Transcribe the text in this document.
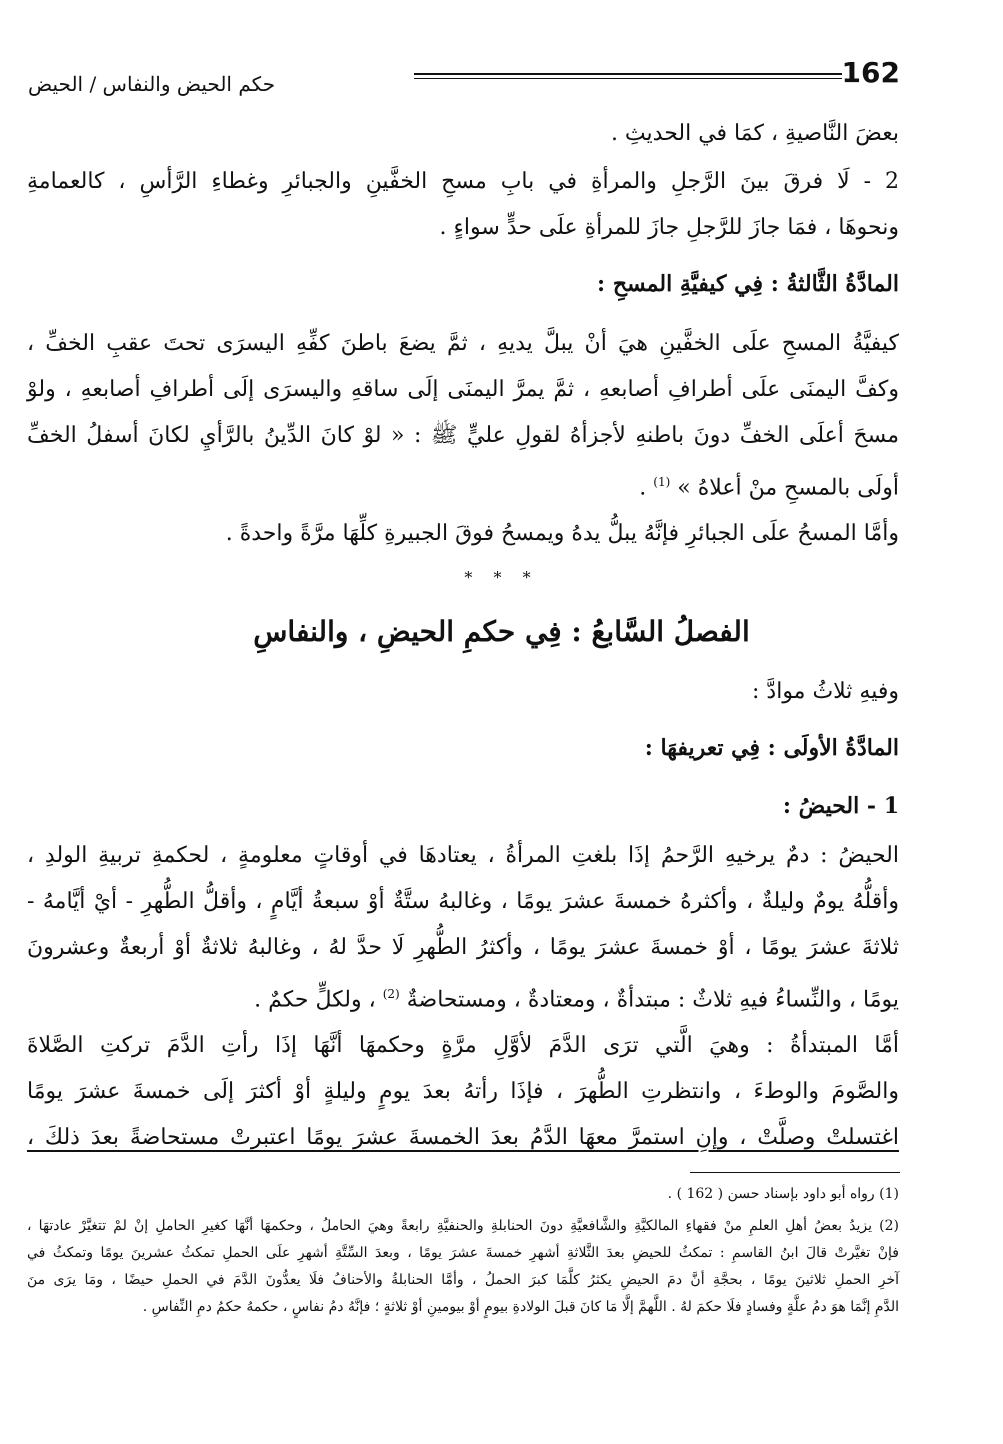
162
حكم الحيض والنفاس / الحيض
بعضَ النَّاصيةِ ، كمَا في الحديثِ .
2 - لَا فرقَ بينَ الرَّجلِ والمرأةِ في بابِ مسحِ الخفَّينِ والجبائرِ وغطاءِ الرَّأسِ ، كالعمامةِ
ونحوهَا ، فمَا جازَ للرَّجلِ جازَ للمرأةِ علَى حدٍّ سواءٍ .
المادَّةُ الثَّالثةُ : فِي كيفيَّةِ المسحِ :
كيفيَّةُ المسحِ علَى الخفَّينِ هيَ أنْ يبلَّ يديهِ ، ثمَّ يضعَ باطنَ كفِّهِ اليسرَى تحتَ عقبِ الخفِّ ،
وكفَّ اليمنَى علَى أطرافِ أصابعهِ ، ثمَّ يمرَّ اليمنَى إلَى ساقهِ واليسرَى إلَى أطرافِ أصابعهِ ، ولوْ
مسحَ أعلَى الخفِّ دونَ باطنهِ لأجزأهُ لقولِ عليٍّ ﷺ : « لوْ كانَ الدِّينُ بالرَّأيِ لكانَ أسفلُ الخفِّ
أولَى بالمسحِ منْ أعلاهُ » $^{(1)}$ .
وأمَّا المسحُ علَى الجبائرِ فإنَّهُ يبلُّ يدهُ ويمسحُ فوقَ الجبيرةِ كلِّهَا مرَّةً واحدةً .
* * *
الفصلُ السَّابعُ : فِي حكمِ الحيضِ ، والنفاسِ
وفيهِ ثلاثُ موادَّ :
المادَّةُ الأولَى : فِي تعريفهَا :
1 - الحيضُ :
الحيضُ : دمٌ يرخيهِ الرَّحمُ إذَا بلغتِ المرأةُ ، يعتادهَا في أوقاتٍ معلومةٍ ، لحكمةِ تربيةِ الولدِ ،
وأقلُّهُ يومٌ وليلةٌ ، وأكثرهُ خمسةَ عشرَ يومًا ، وغالبهُ ستَّةٌ أوْ سبعةُ أيَّامٍ ، وأقلُّ الطُّهرِ - أيْ أيَّامهُ -
ثلاثةَ عشرَ يومًا ، أوْ خمسةَ عشرَ يومًا ، وأكثرُ الطُّهرِ لَا حدَّ لهُ ، وغالبهُ ثلاثةٌ أوْ أربعةٌ وعشرونَ
يومًا ، والنِّساءُ فيهِ ثلاثٌ : مبتدأةٌ ، ومعتادةٌ ، ومستحاضةٌ $^{(2)}$ ، ولكلٍّ حكمٌ .
أمَّا المبتدأةُ : وهيَ الَّتي ترَى الدَّمَ لأوَّلِ مرَّةٍ وحكمهَا أنَّهَا إذَا رأتِ الدَّمَ تركتِ الصَّلاةَ
والصَّومَ والوطءَ ، وانتظرتِ الطُّهرَ ، فإذَا رأتهُ بعدَ يومٍ وليلةٍ أوْ أكثرَ إلَى خمسةَ عشرَ يومًا
اغتسلتْ وصلَّتْ ، وإنِ استمرَّ معهَا الدَّمُ بعدَ الخمسةَ عشرَ يومًا اعتبرتْ مستحاضةً بعدَ ذلكَ ،
(1) رواه أبو داود بإسناد حسن ( 162 ) .
(2) يزيدُ بعضُ أهلِ العلمِ منْ فقهاءِ المالكيَّةِ والشَّافعيَّةِ دونَ الحنابلةِ والحنفيَّةِ رابعةً وهيَ الحاملُ ، وحكمهَا أنَّهَا كغيرِ الحاملِ إنْ لمْ تتغيَّرْ عادتهَا ،
فإنْ تغيَّرتْ قالَ ابنُ القاسمِ : تمكثُ للحيضِ بعدَ الثَّلاثةِ أشهرِ خمسةَ عشرَ يومًا ، وبعدَ السِّتَّةِ أشهرِ علَى الحملِ تمكثُ عشرينَ يومًا وتمكثُ في
آخرِ الحملِ ثلاثينَ يومًا ، بحجَّةِ أنَّ دمَ الحيضِ يكثرُ كلَّمَا كبرَ الحملُ ، وأمَّا الحنابلةُ والأحنافُ فلَا يعدُّونَ الدَّمَ في الحملِ حيضًا ، ومَا يرَى منَ
الدَّمِ إنَّمَا هوَ دمُ علَّةٍ وفسادٍ فلَا حكمَ لهُ . اللَّهمَّ إلَّا مَا كانَ قبلَ الولادةِ بيومٍ أوْ بيومينِ أوْ ثلاثةٍ ؛ فإنَّهُ دمُ نفاسٍ ، حكمهُ حكمُ دمِ النِّفاسِ .
